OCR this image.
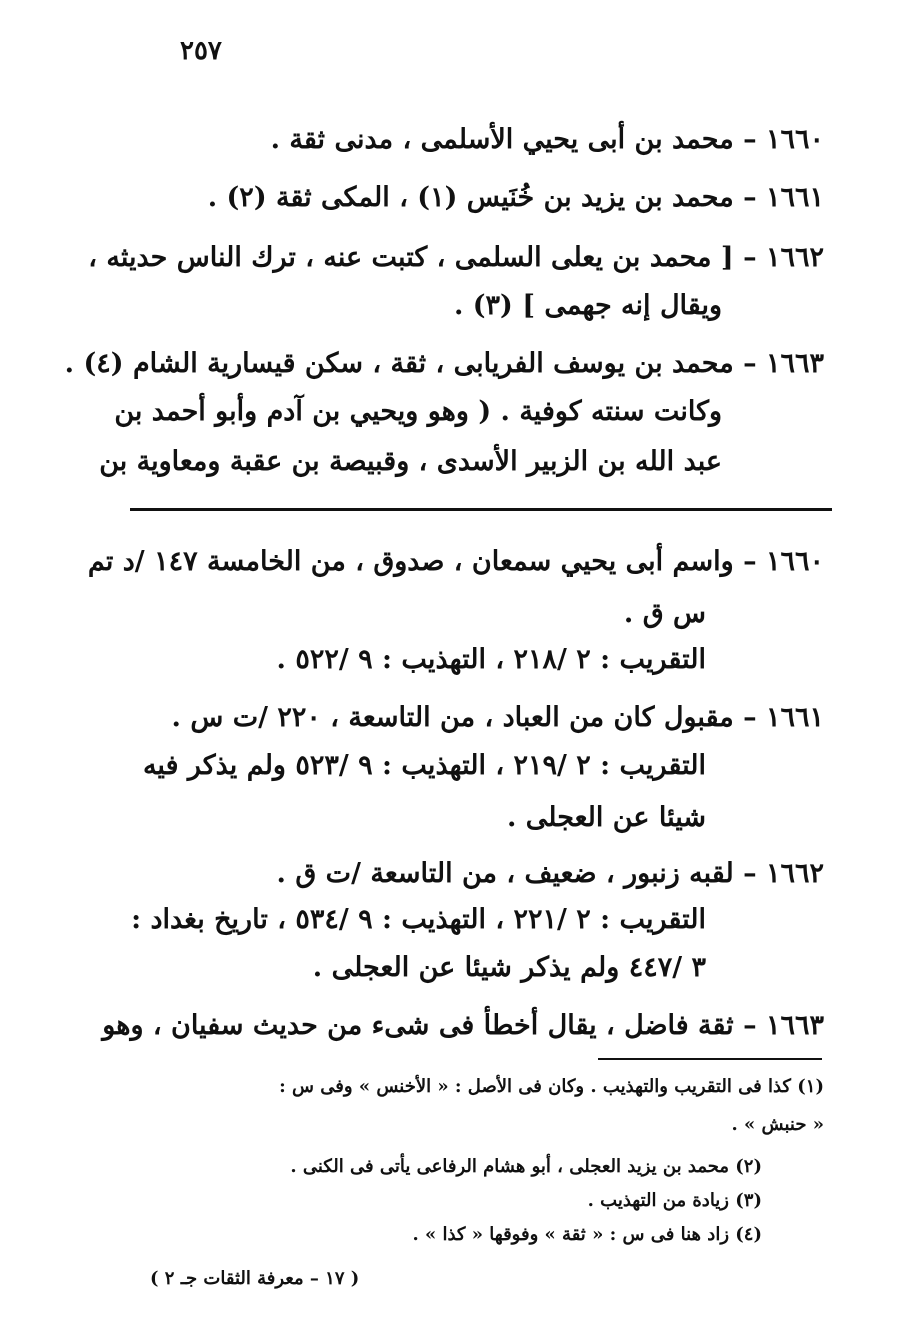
٢٥٧
١٦٦٠ – محمد بن أبى يحيي الأسلمى ، مدنى ثقة .
١٦٦١ – محمد بن يزيد بن خُنَيس (١) ، المكى ثقة (٢) .
١٦٦٢ – [ محمد بن يعلى السلمى ، كتبت عنه ، ترك الناس حديثه ،
ويقال إنه جهمى ] (٣) .
١٦٦٣ – محمد بن يوسف الفريابى ، ثقة ، سكن قيسارية الشام (٤) .
وكانت سنته كوفية . ( وهو ويحيي بن آدم وأبو أحمد بن
عبد الله بن الزبير الأسدى ، وقبيصة بن عقبة ومعاوية بن
١٦٦٠ – واسم أبى يحيي سمعان ، صدوق ، من الخامسة ١٤٧ /د تم
س ق .
التقريب : ٢ /٢١٨ ، التهذيب : ٩ /٥٢٢ .
١٦٦١ – مقبول كان من العباد ، من التاسعة ، ٢٢٠ /ت س .
التقريب : ٢ /٢١٩ ، التهذيب : ٩ /٥٢٣ ولم يذكر فيه
شيئا عن العجلى .
١٦٦٢ – لقبه زنبور ، ضعيف ، من التاسعة /ت ق .
التقريب : ٢ /٢٢١ ، التهذيب : ٩ /٥٣٤ ، تاريخ بغداد :
٣ /٤٤٧ ولم يذكر شيئا عن العجلى .
١٦٦٣ – ثقة فاضل ، يقال أخطأ فى شىء من حديث سفيان ، وهو
(١) كذا فى التقريب والتهذيب . وكان فى الأصل : « الأخنس » وفى س :
« حنبش » .
(٢) محمد بن يزيد العجلى ، أبو هشام الرفاعى يأتى فى الكنى .
(٣) زيادة من التهذيب .
(٤) زاد هنا فى س : « ثقة » وفوقها « كذا » .
( ١٧ – معرفة الثقات جـ ٢ )
